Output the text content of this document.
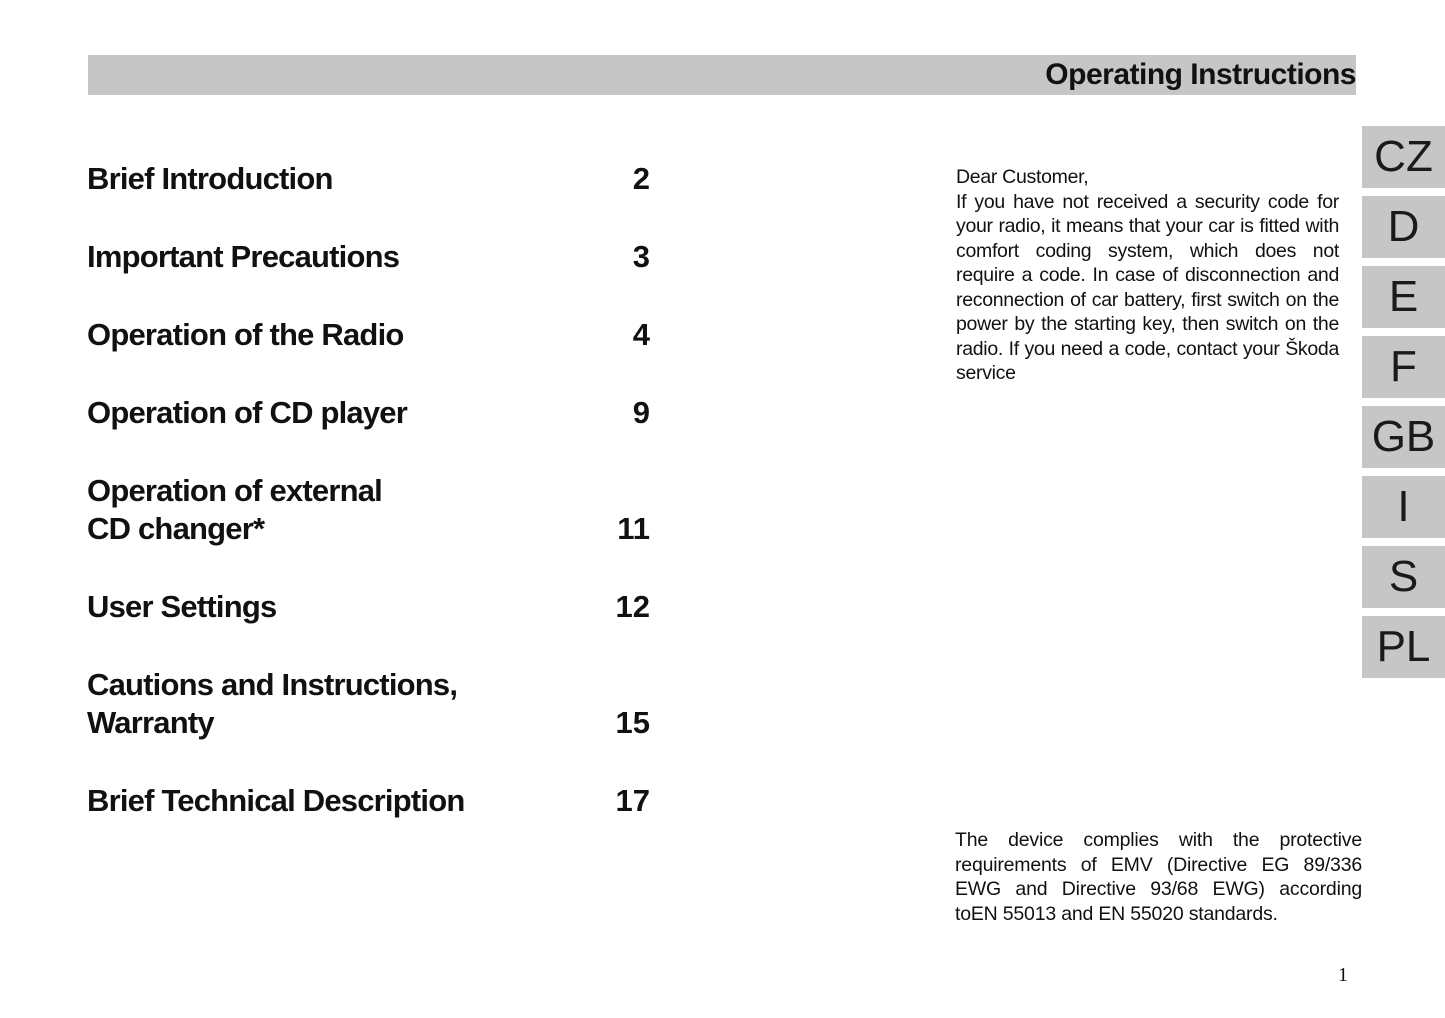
Operating Instructions
Brief Introduction	2
Important Precautions	3
Operation of the Radio	4
Operation of CD player	9
Operation of external
CD changer*	11
User Settings	12
Cautions and Instructions,
Warranty	15
Brief Technical Description	17

Dear Customer,

If you have not received a security code for your radio, it means that your car is fitted with comfort coding system, which does not require a code. In case of disconnection and reconnection of car battery, first switch on the power by the starting key, then switch on the radio. If you need a code, contact your Škoda service

The device complies with the protective requirements of EMV (Directive EG 89/336 EWG and Directive 93/68 EWG) according toEN 55013 and EN 55020 standards.
CZ
D
E
F
GB
I
S
PL
1
